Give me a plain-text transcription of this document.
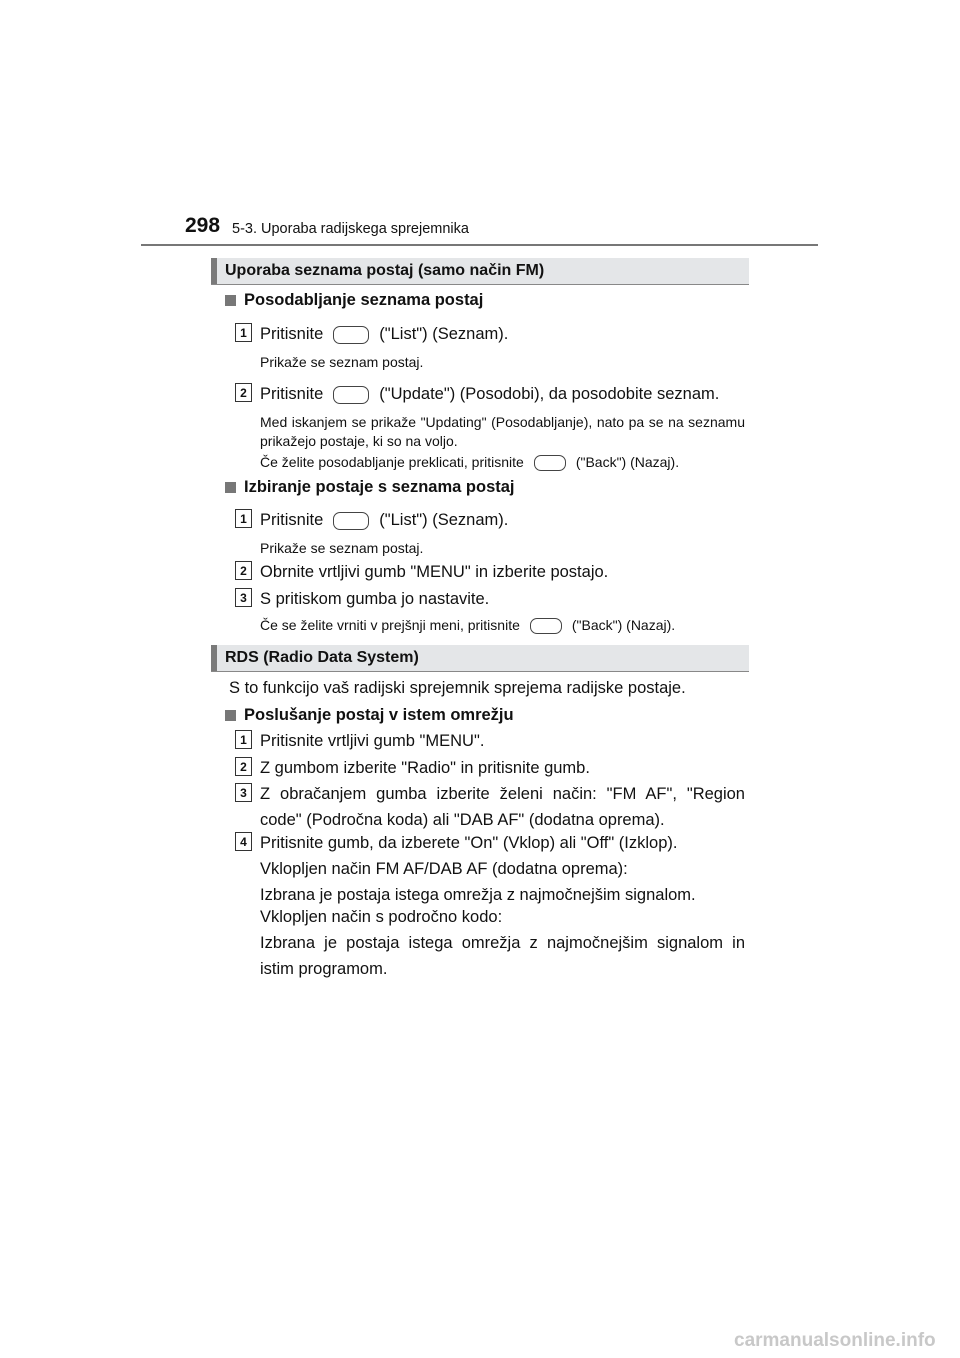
298 5-3. Uporaba radijskega sprejemnika
Uporaba seznama postaj (samo način FM)
Posodabljanje seznama postaj
1 Pritisnite	("List") (Seznam).
Prikaže se seznam postaj.
2 Pritisnite	("Update") (Posodobi), da posodobite seznam.
Med iskanjem se prikaže "Updating" (Posodabljanje), nato pa se na seznamu prikažejo postaje, ki so na voljo.
Če želite posodabljanje preklicati, pritisnite	("Back") (Nazaj).
Izbiranje postaje s seznama postaj
1 Pritisnite	("List") (Seznam).
Prikaže se seznam postaj.
2 Obrnite vrtljivi gumb "MENU" in izberite postajo.
3 S pritiskom gumba jo nastavite.
Če se želite vrniti v prejšnji meni, pritisnite	("Back") (Nazaj).
RDS (Radio Data System)
S to funkcijo vaš radijski sprejemnik sprejema radijske postaje.
Poslušanje postaj v istem omrežju
1 Pritisnite vrtljivi gumb "MENU".
2 Z gumbom izberite "Radio" in pritisnite gumb.
3 Z obračanjem gumba izberite želeni način: "FM AF", "Region code" (Področna koda) ali "DAB AF" (dodatna oprema).
4 Pritisnite gumb, da izberete "On" (Vklop) ali "Off" (Izklop).
Vklopljen način FM AF/DAB AF (dodatna oprema):
Izbrana je postaja istega omrežja z najmočnejšim signalom.
Vklopljen način s področno kodo:
Izbrana je postaja istega omrežja z najmočnejšim signalom in istim programom.
carmanualsonline.info
